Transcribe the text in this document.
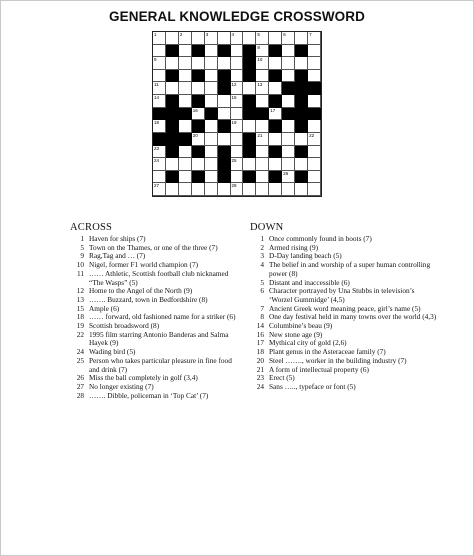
GENERAL KNOWLEDGE CROSSWORD
1	2	3	4	5	6	7
8
9	10
11	12	13
14	15
16	17
18	19
20	21	22
23
24	25
26
27	28
ACROSS
1 Haven for ships (7)
5 Town on the Thames, or one of the three (7)
9 Rag,Tag and … (7)
10 Nigel, former F1 world champion (7)
11 …… Athletic, Scottish football club nicknamed “The Wasps” (5)
12 Home to the Angel of the North (9)
13 ……. Buzzard, town in Bedfordshire (8)
15 Ample (6)
18 …… forward, old fashioned name for a striker (6)
19 Scottish broadsword (8)
22 1995 film starring Antonio Banderas and Salma Hayek (9)
24 Wading bird (5)
25 Person who takes particular pleasure in fine food and drink (7)
26 Miss the ball completely in golf (3,4)
27 No longer existing (7)
28 ……. Dibble, policeman in ‘Top Cat’ (7)
DOWN
1 Once commonly found in boots (7)
2 Armed rising (9)
3 D-Day landing beach (5)
4 The belief in and worship of a super human controlling power (8)
5 Distant and inaccessible (6)
6 Character portrayed by Una Stubbs in television’s ‘Worzel Gummidge’ (4,5)
7 Ancient Greek word meaning peace, girl’s name (5)
8 One day festival held in many towns over the world (4,3)
14 Columbine’s beau (9)
16 New stone age (9)
17 Mythical city of gold (2,6)
18 Plant genus in the Asteraceae family (7)
20 Steel ……., worker in the building industry (7)
21 A form of intellectual property (6)
23 Erect (5)
24 Sans ….., typeface or font (5)
